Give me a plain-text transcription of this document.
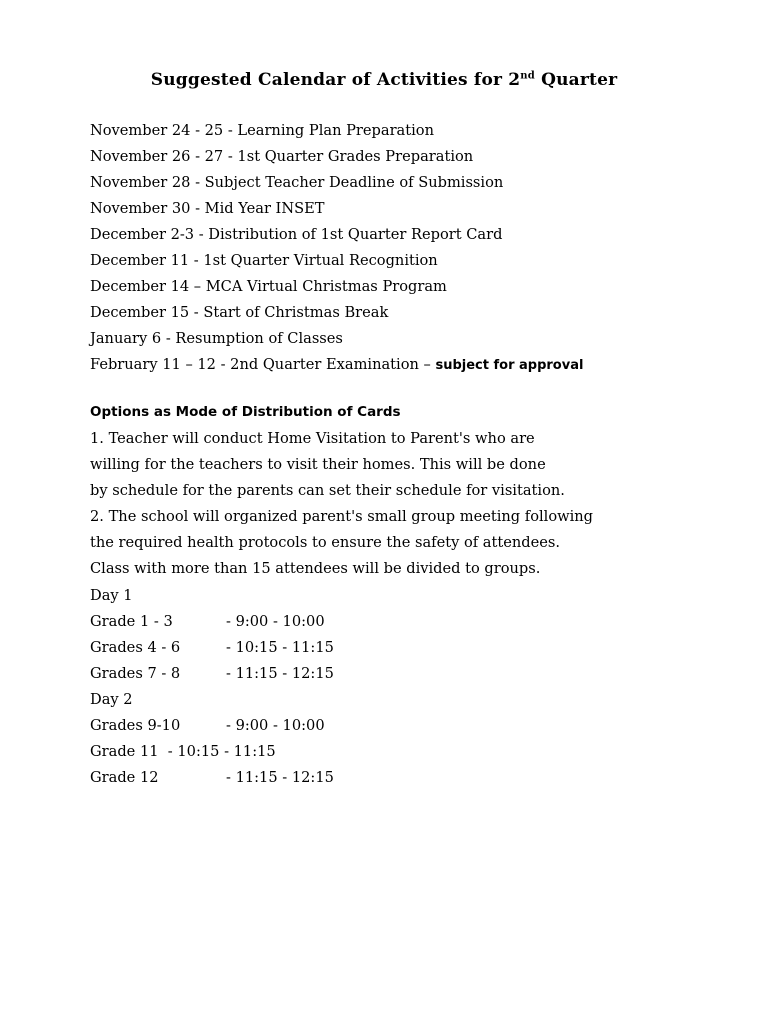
Suggested Calendar of Activities for 2nd Quarter
November 24 - 25 - Learning Plan Preparation
November 26 - 27 - 1st Quarter Grades Preparation
November 28 - Subject Teacher Deadline of Submission
November 30 - Mid Year INSET
December 2-3 - Distribution of 1st Quarter Report Card
December 11 - 1st Quarter Virtual Recognition
December 14 – MCA Virtual Christmas Program
December 15 - Start of Christmas Break
January 6 - Resumption of Classes
February 11 – 12 - 2nd Quarter Examination – subject for approval
Options as Mode of Distribution of Cards
1. Teacher will conduct Home Visitation to Parent's who are
willing for the teachers to visit their homes. This will be done
by schedule for the parents can set their schedule for visitation.
2. The school will organized parent's small group meeting following
the required health protocols to ensure the safety of attendees.
Class with more than 15 attendees will be divided to groups.
Day 1
Grade 1 - 3	- 9:00 - 10:00
Grades 4 - 6	- 10:15 - 11:15
Grades 7 - 8	- 11:15 - 12:15
Day 2
Grades 9-10	- 9:00 - 10:00
Grade 11  - 10:15 - 11:15
Grade 12	- 11:15 - 12:15
